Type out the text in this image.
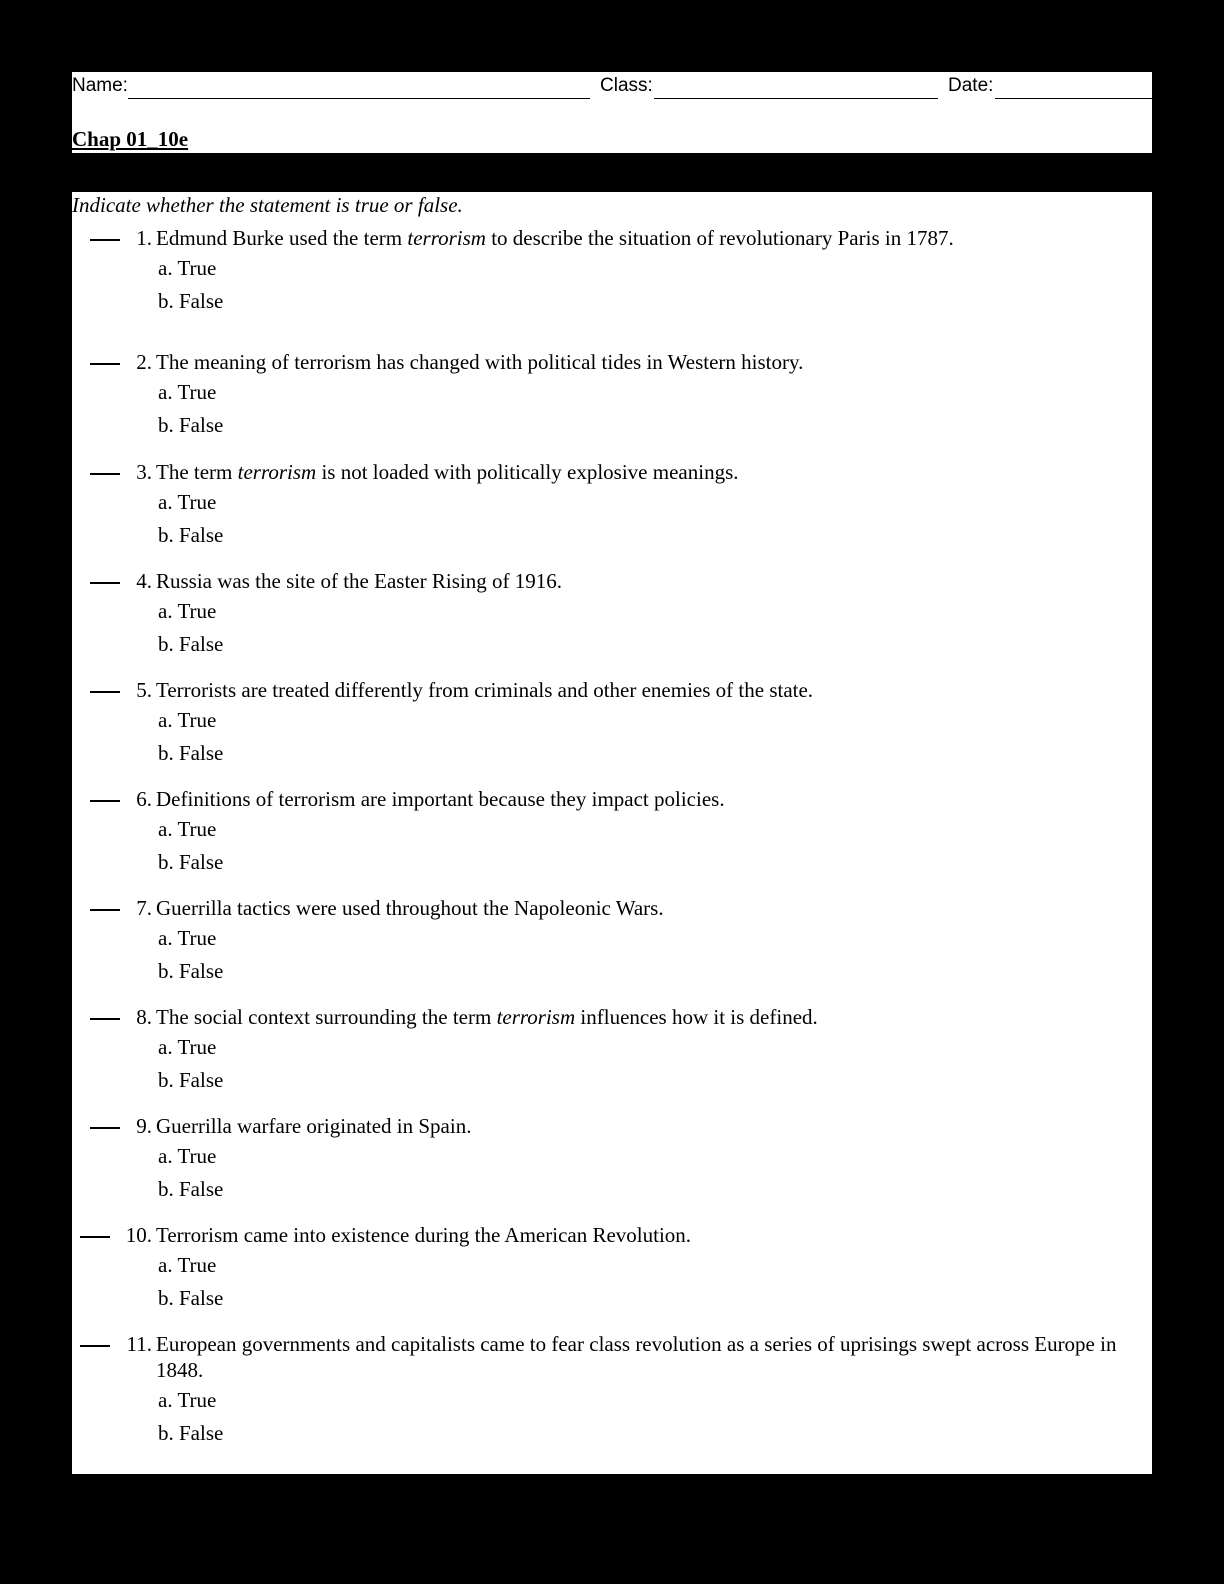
Name:	Class:	Date:
Chap 01_10e
Indicate whether the statement is true or false.
1. Edmund Burke used the term terrorism to describe the situation of revolutionary Paris in 1787.
a. True
b. False
2. The meaning of terrorism has changed with political tides in Western history.
a. True
b. False
3. The term terrorism is not loaded with politically explosive meanings.
a. True
b. False
4. Russia was the site of the Easter Rising of 1916.
a. True
b. False
5. Terrorists are treated differently from criminals and other enemies of the state.
a. True
b. False
6. Definitions of terrorism are important because they impact policies.
a. True
b. False
7. Guerrilla tactics were used throughout the Napoleonic Wars.
a. True
b. False
8. The social context surrounding the term terrorism influences how it is defined.
a. True
b. False
9. Guerrilla warfare originated in Spain.
a. True
b. False
10. Terrorism came into existence during the American Revolution.
a. True
b. False
11. European governments and capitalists came to fear class revolution as a series of uprisings swept across Europe in 1848.
a. True
b. False
